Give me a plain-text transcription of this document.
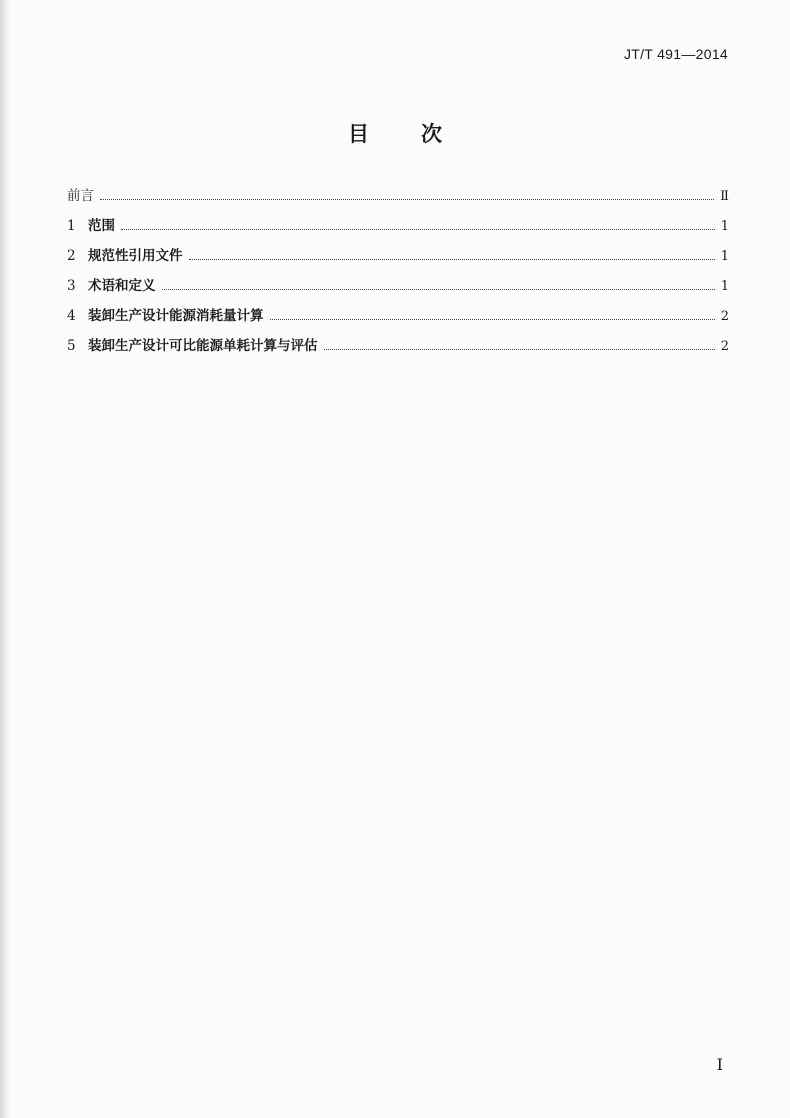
JT/T 491—2014
目 次
前言	Ⅱ
1 范围	1
2 规范性引用文件	1
3 术语和定义	1
4 装卸生产设计能源消耗量计算	2
5 装卸生产设计可比能源单耗计算与评估	2
I
